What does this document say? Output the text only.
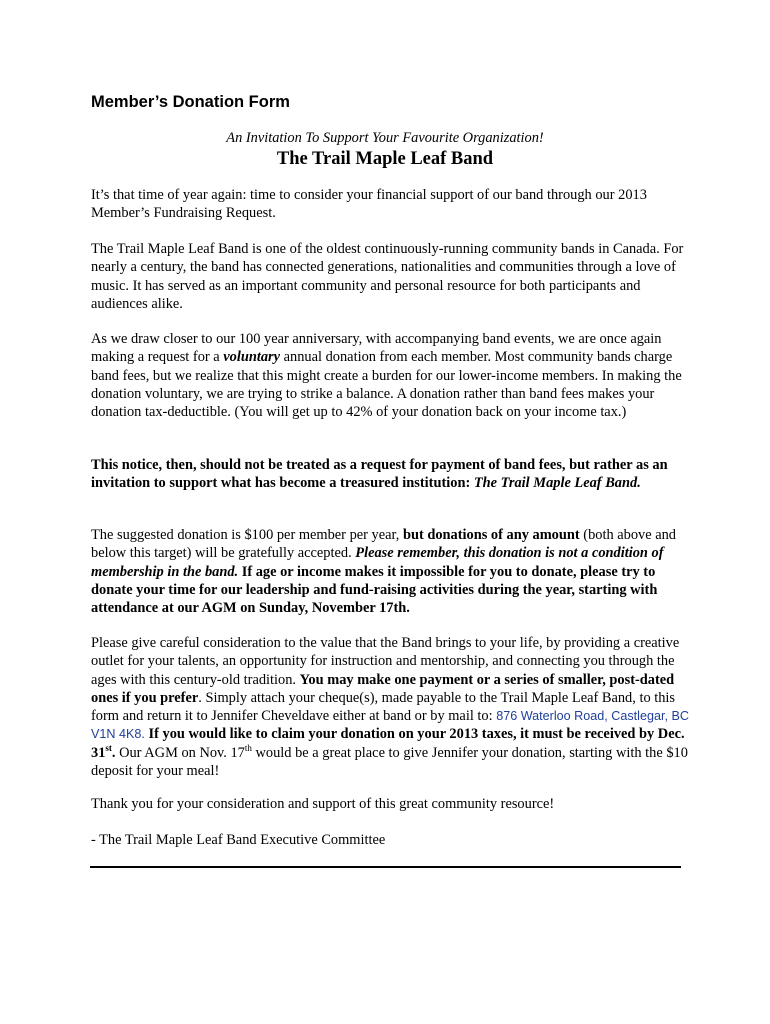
Member’s Donation Form
An Invitation To Support Your Favourite Organization!
The Trail Maple Leaf Band
It’s that time of year again: time to consider your financial support of our band through our 2013 Member’s Fundraising Request.
The Trail Maple Leaf Band is one of the oldest continuously-running community bands in Canada. For nearly a century, the band has connected generations, nationalities and communities through a love of music. It has served as an important community and personal resource for both participants and audiences alike.
As we draw closer to our 100 year anniversary, with accompanying band events, we are once again making a request for a voluntary annual donation from each member. Most community bands charge band fees, but we realize that this might create a burden for our lower-income members. In making the donation voluntary, we are trying to strike a balance. A donation rather than band fees makes your donation tax-deductible. (You will get up to 42% of your donation back on your income tax.)
This notice, then, should not be treated as a request for payment of band fees, but rather as an invitation to support what has become a treasured institution: The Trail Maple Leaf Band.
The suggested donation is $100 per member per year, but donations of any amount (both above and below this target) will be gratefully accepted. Please remember, this donation is not a condition of membership in the band. If age or income makes it impossible for you to donate, please try to donate your time for our leadership and fund-raising activities during the year, starting with attendance at our AGM on Sunday, November 17th.
Please give careful consideration to the value that the Band brings to your life, by providing a creative outlet for your talents, an opportunity for instruction and mentorship, and connecting you through the ages with this century-old tradition. You may make one payment or a series of smaller, post-dated ones if you prefer. Simply attach your cheque(s), made payable to the Trail Maple Leaf Band, to this form and return it to Jennifer Cheveldave either at band or by mail to: 876 Waterloo Road, Castlegar, BC V1N 4K8. If you would like to claim your donation on your 2013 taxes, it must be received by Dec. 31st. Our AGM on Nov. 17th would be a great place to give Jennifer your donation, starting with the $10 deposit for your meal!
Thank you for your consideration and support of this great community resource!
- The Trail Maple Leaf Band Executive Committee
